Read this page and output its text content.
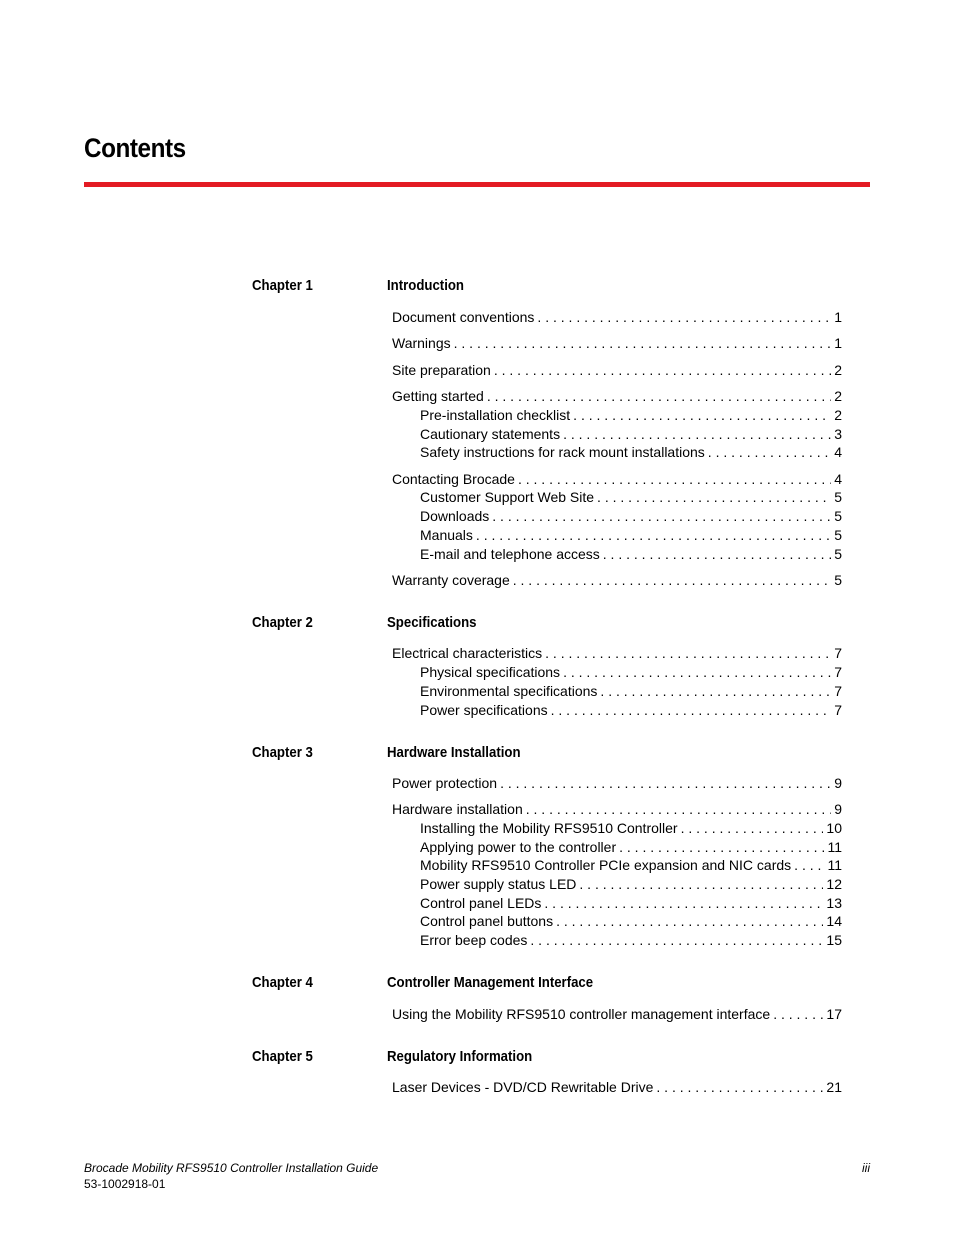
Contents
Chapter 1	Introduction
Document conventions . . .	1
Warnings . . .	1
Site preparation . . .	2
Getting started . . .	2
Pre-installation checklist . . .	2
Cautionary statements . . .	3
Safety instructions for rack mount installations . . .	4
Contacting Brocade . . .	4
Customer Support Web Site . . .	5
Downloads . . .	5
Manuals . . .	5
E-mail and telephone access . . .	5
Warranty coverage . . .	5
Chapter 2	Specifications
Electrical characteristics . . .	7
Physical specifications . . .	7
Environmental specifications . . .	7
Power specifications . . .	7
Chapter 3	Hardware Installation
Power protection . . .	9
Hardware installation . . .	9
Installing the Mobility RFS9510 Controller . . .	10
Applying power to the controller . . .	11
Mobility RFS9510 Controller PCIe expansion and NIC cards . . .	11
Power supply status LED . . .	12
Control panel LEDs . . .	13
Control panel buttons . . .	14
Error beep codes . . .	15
Chapter 4	Controller Management Interface
Using the Mobility RFS9510 controller management interface . . .	17
Chapter 5	Regulatory Information
Laser Devices - DVD/CD Rewritable Drive . . .	21
Brocade Mobility RFS9510 Controller Installation Guide
53-1002918-01
iii
